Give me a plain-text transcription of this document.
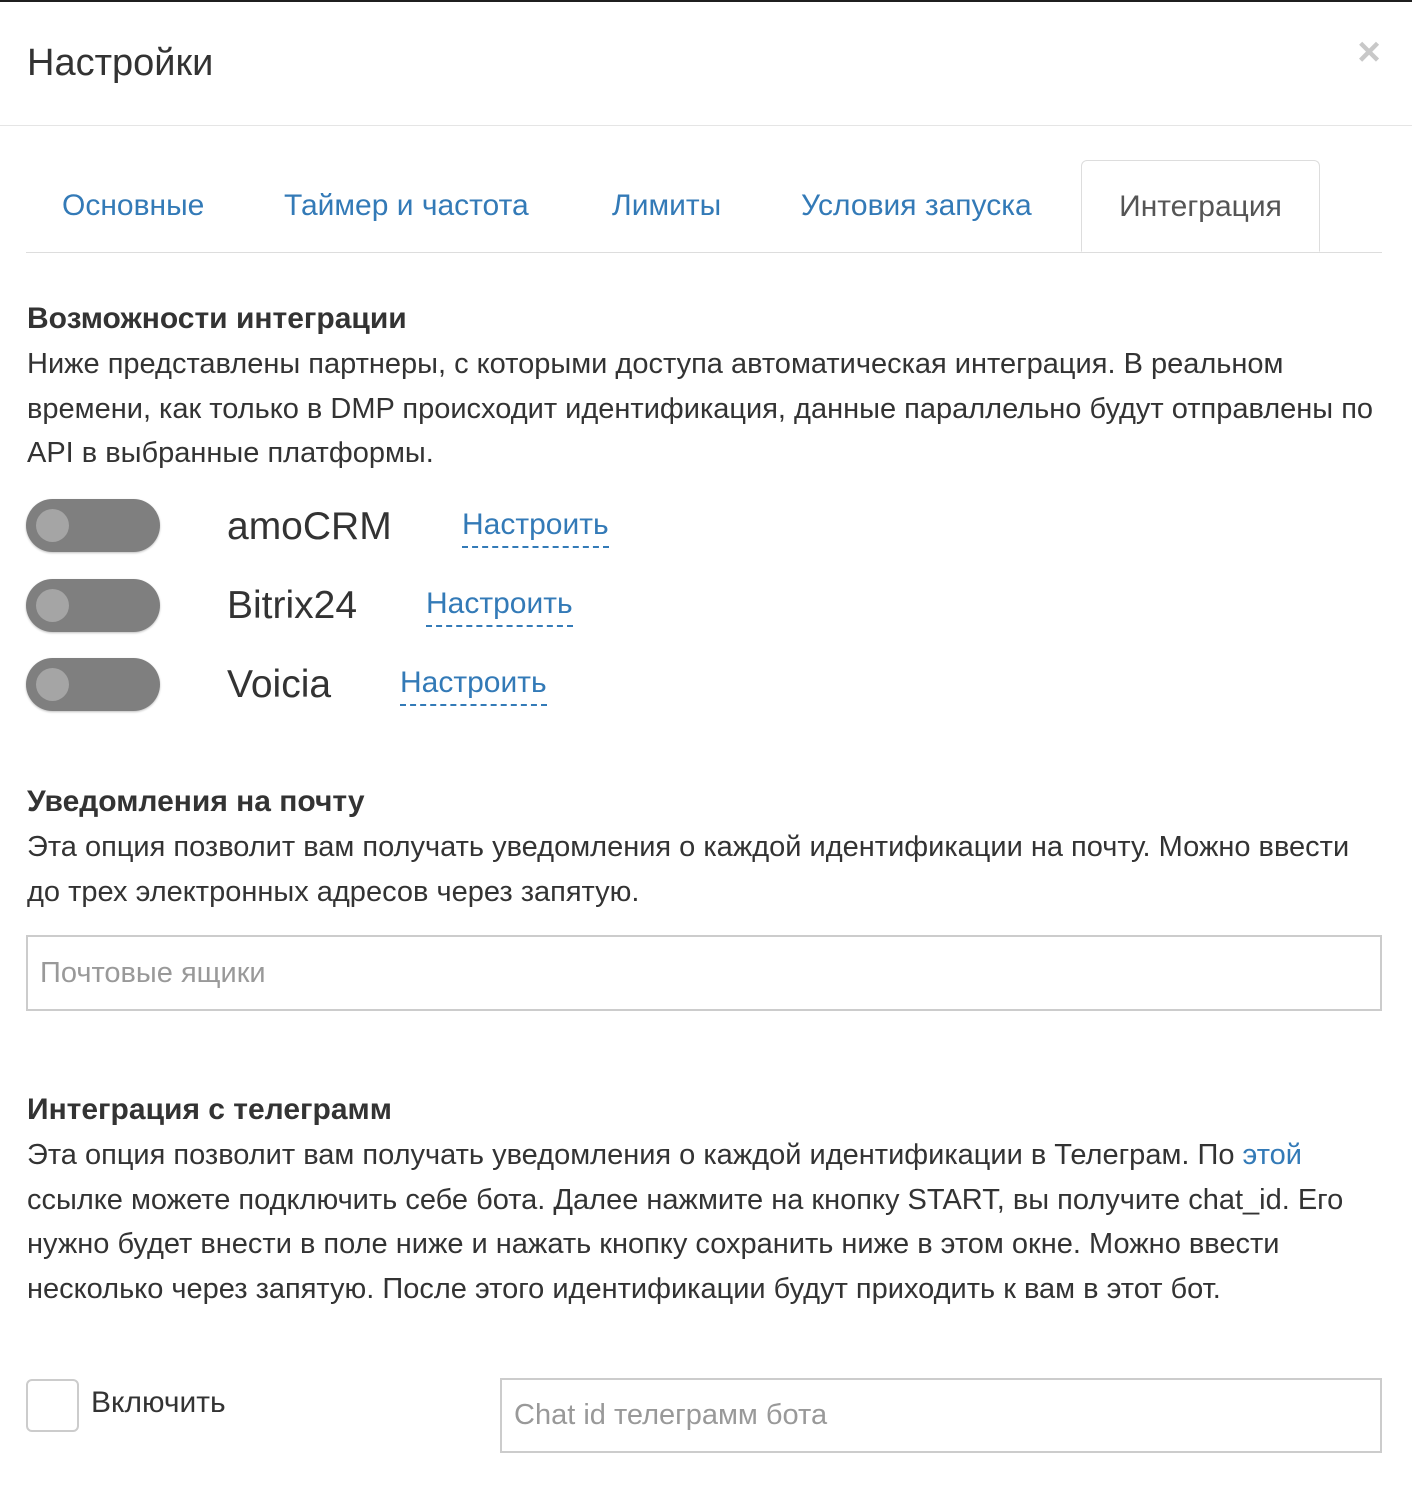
Настройки	×
Основные	Таймер и частота	Лимиты	Условия запуска	Интеграция
Возможности интеграции
Ниже представлены партнеры, с которыми доступа автоматическая интеграция. В реальном времени, как только в DMP происходит идентификация, данные параллельно будут отправлены по API в выбранные платформы.
amoCRM Настроить
Bitrix24 Настроить
Voicia Настроить
Уведомления на почту
Эта опция позволит вам получать уведомления о каждой идентификации на почту. Можно ввести до трех электронных адресов через запятую.
Почтовые ящики
Интеграция с телеграмм
Эта опция позволит вам получать уведомления о каждой идентификации в Телеграм. По этой ссылке можете подключить себе бота. Далее нажмите на кнопку START, вы получите chat_id. Его нужно будет внести в поле ниже и нажать кнопку сохранить ниже в этом окне. Можно ввести несколько через запятую. После этого идентификации будут приходить к вам в этот бот.
Включить
Chat id телеграмм бота
